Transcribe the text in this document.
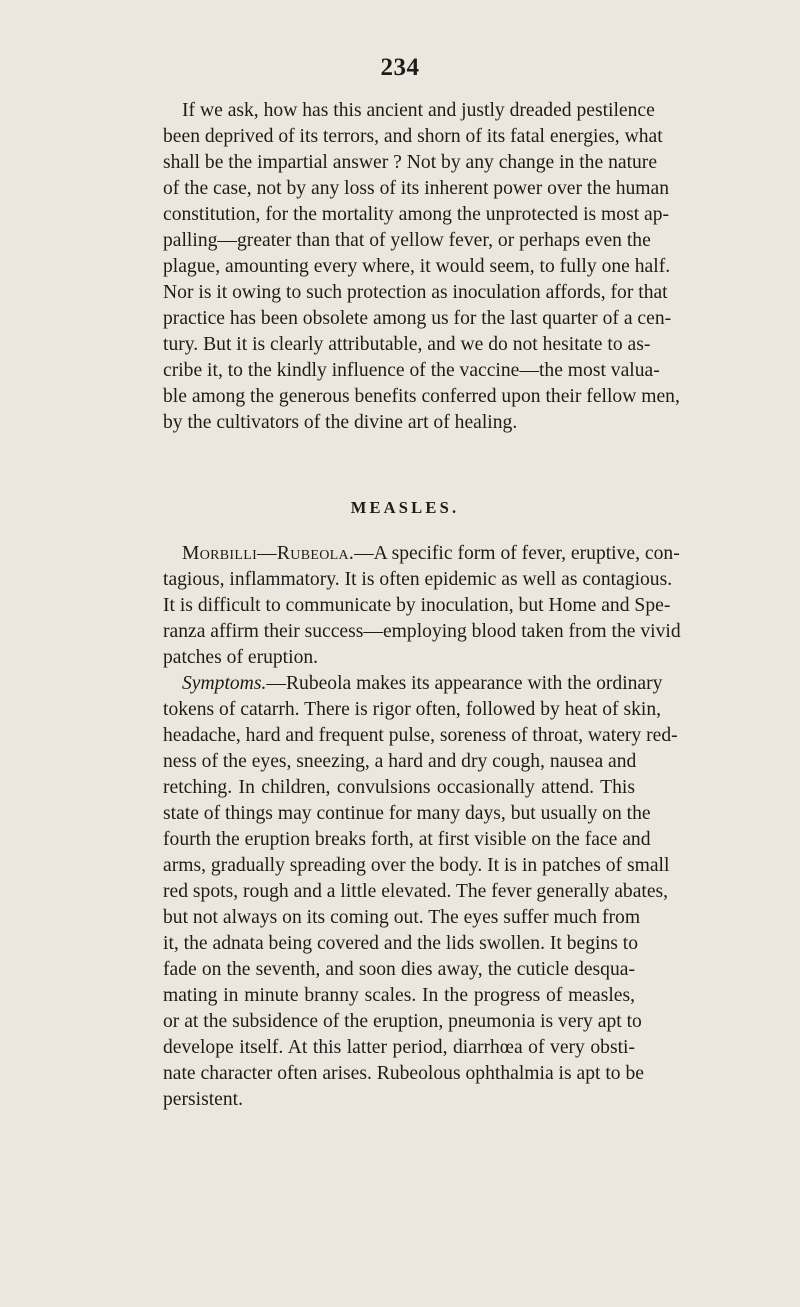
234
If we ask, how has this ancient and justly dreaded pestilence
been deprived of its terrors, and shorn of its fatal energies, what
shall be the impartial answer ? Not by any change in the nature
of the case, not by any loss of its inherent power over the human
constitution, for the mortality among the unprotected is most ap-
palling—greater than that of yellow fever, or perhaps even the
plague, amounting every where, it would seem, to fully one half.
Nor is it owing to such protection as inoculation affords, for that
practice has been obsolete among us for the last quarter of a cen-
tury. But it is clearly attributable, and we do not hesitate to as-
cribe it, to the kindly influence of the vaccine—the most valua-
ble among the generous benefits conferred upon their fellow men,
by the cultivators of the divine art of healing.
MEASLES.
Morbilli—Rubeola.—A specific form of fever, eruptive, con-
tagious, inflammatory. It is often epidemic as well as contagious.
It is difficult to communicate by inoculation, but Home and Spe-
ranza affirm their success—employing blood taken from the vivid
patches of eruption.
Symptoms.—Rubeola makes its appearance with the ordinary
tokens of catarrh. There is rigor often, followed by heat of skin,
headache, hard and frequent pulse, soreness of throat, watery red-
ness of the eyes, sneezing, a hard and dry cough, nausea and
retching. In children, convulsions occasionally attend. This
state of things may continue for many days, but usually on the
fourth the eruption breaks forth, at first visible on the face and
arms, gradually spreading over the body. It is in patches of small
red spots, rough and a little elevated. The fever generally abates,
but not always on its coming out. The eyes suffer much from
it, the adnata being covered and the lids swollen. It begins to
fade on the seventh, and soon dies away, the cuticle desqua-
mating in minute branny scales. In the progress of measles,
or at the subsidence of the eruption, pneumonia is very apt to
develope itself. At this latter period, diarrhœa of very obsti-
nate character often arises. Rubeolous ophthalmia is apt to be
persistent.
